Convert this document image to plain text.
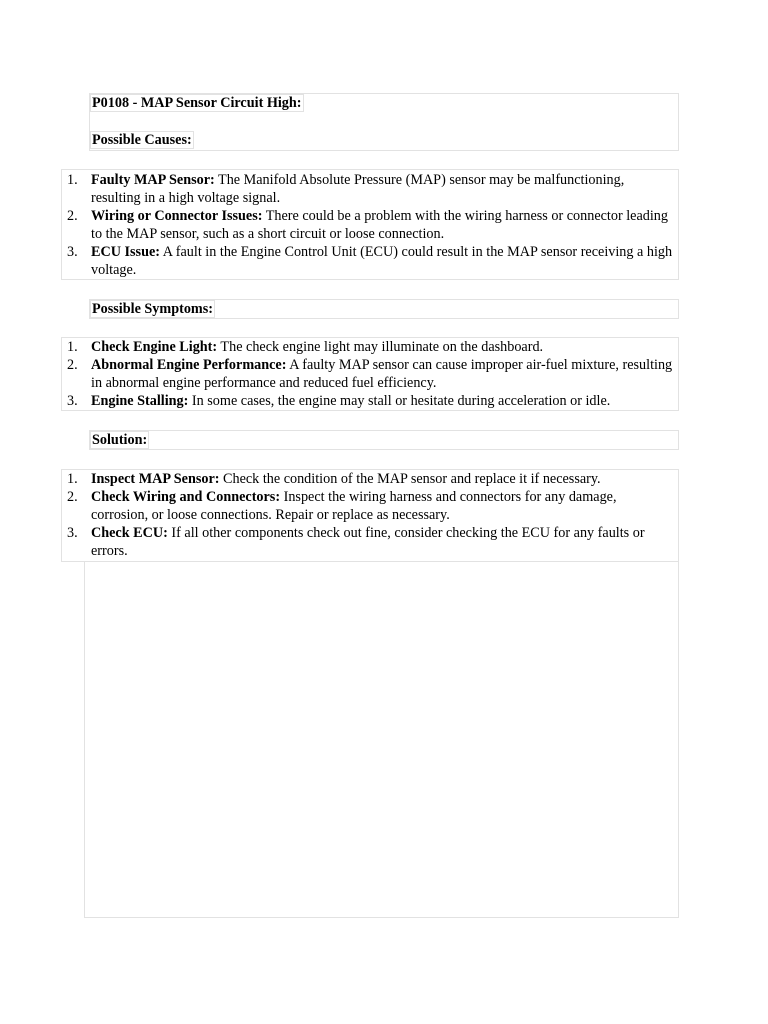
P0108 - MAP Sensor Circuit High:
Possible Causes:
1. Faulty MAP Sensor: The Manifold Absolute Pressure (MAP) sensor may be malfunctioning, resulting in a high voltage signal.
2. Wiring or Connector Issues: There could be a problem with the wiring harness or connector leading to the MAP sensor, such as a short circuit or loose connection.
3. ECU Issue: A fault in the Engine Control Unit (ECU) could result in the MAP sensor receiving a high voltage.
Possible Symptoms:
1. Check Engine Light: The check engine light may illuminate on the dashboard.
2. Abnormal Engine Performance: A faulty MAP sensor can cause improper air-fuel mixture, resulting in abnormal engine performance and reduced fuel efficiency.
3. Engine Stalling: In some cases, the engine may stall or hesitate during acceleration or idle.
Solution:
1. Inspect MAP Sensor: Check the condition of the MAP sensor and replace it if necessary.
2. Check Wiring and Connectors: Inspect the wiring harness and connectors for any damage, corrosion, or loose connections. Repair or replace as necessary.
3. Check ECU: If all other components check out fine, consider checking the ECU for any faults or errors.
